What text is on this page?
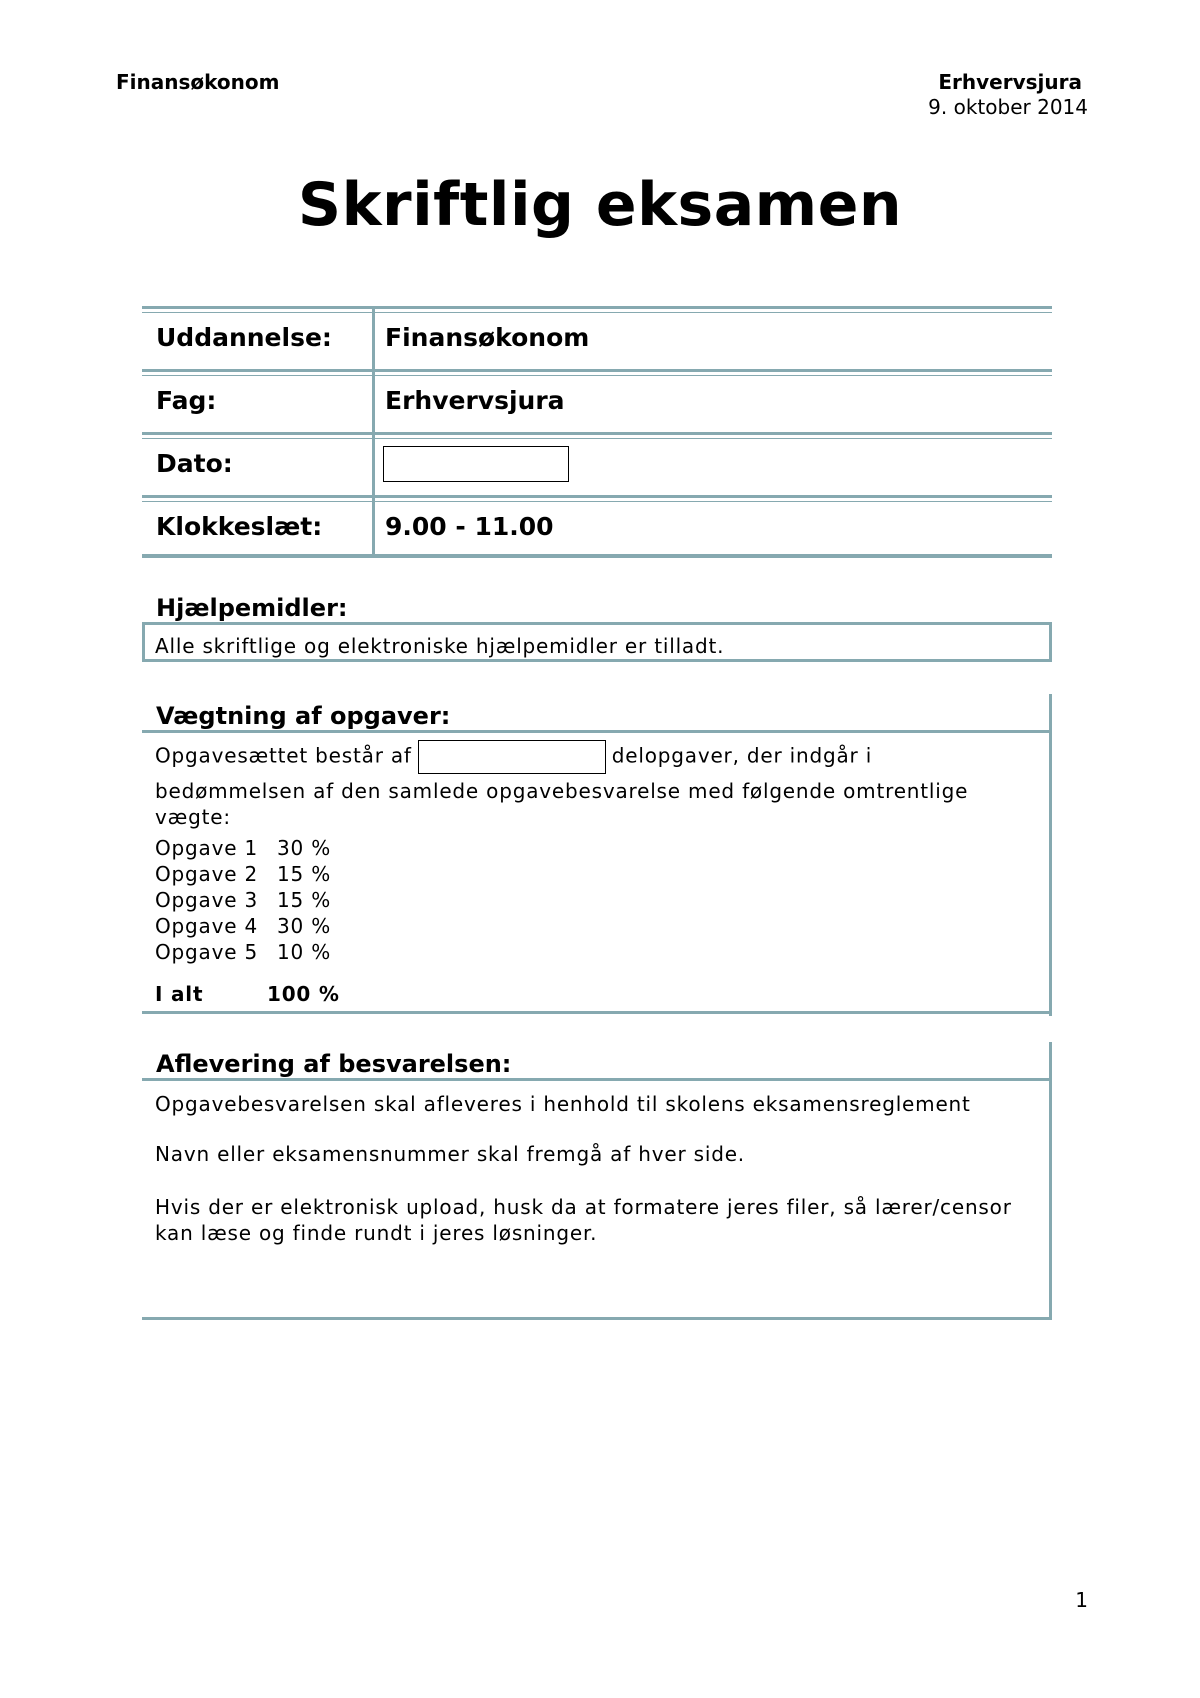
Finansøkonom	Erhvervsjura
9. oktober 2014
Skriftlig eksamen
Uddannelse: Finansøkonom
Fag:	Erhvervsjura
Dato:
Klokkeslæt:	9.00 - 11.00
Hjælpemidler:
Alle skriftlige og elektroniske hjælpemidler er tilladt.
Vægtning af opgaver:
Opgavesættet består af	delopgaver, der indgår i
bedømmelsen af den samlede opgavebesvarelse med følgende omtrentlige vægte:
Opgave 1 30 %
Opgave 2 15 %
Opgave 3 15 %
Opgave 4 30 %
Opgave 5 10 %
I alt	100 %
Aflevering af besvarelsen:
Opgavebesvarelsen skal afleveres i henhold til skolens eksamensreglement
Navn eller eksamensnummer skal fremgå af hver side.
Hvis der er elektronisk upload, husk da at formatere jeres filer, så lærer/censor kan læse og finde rundt i jeres løsninger.
1
